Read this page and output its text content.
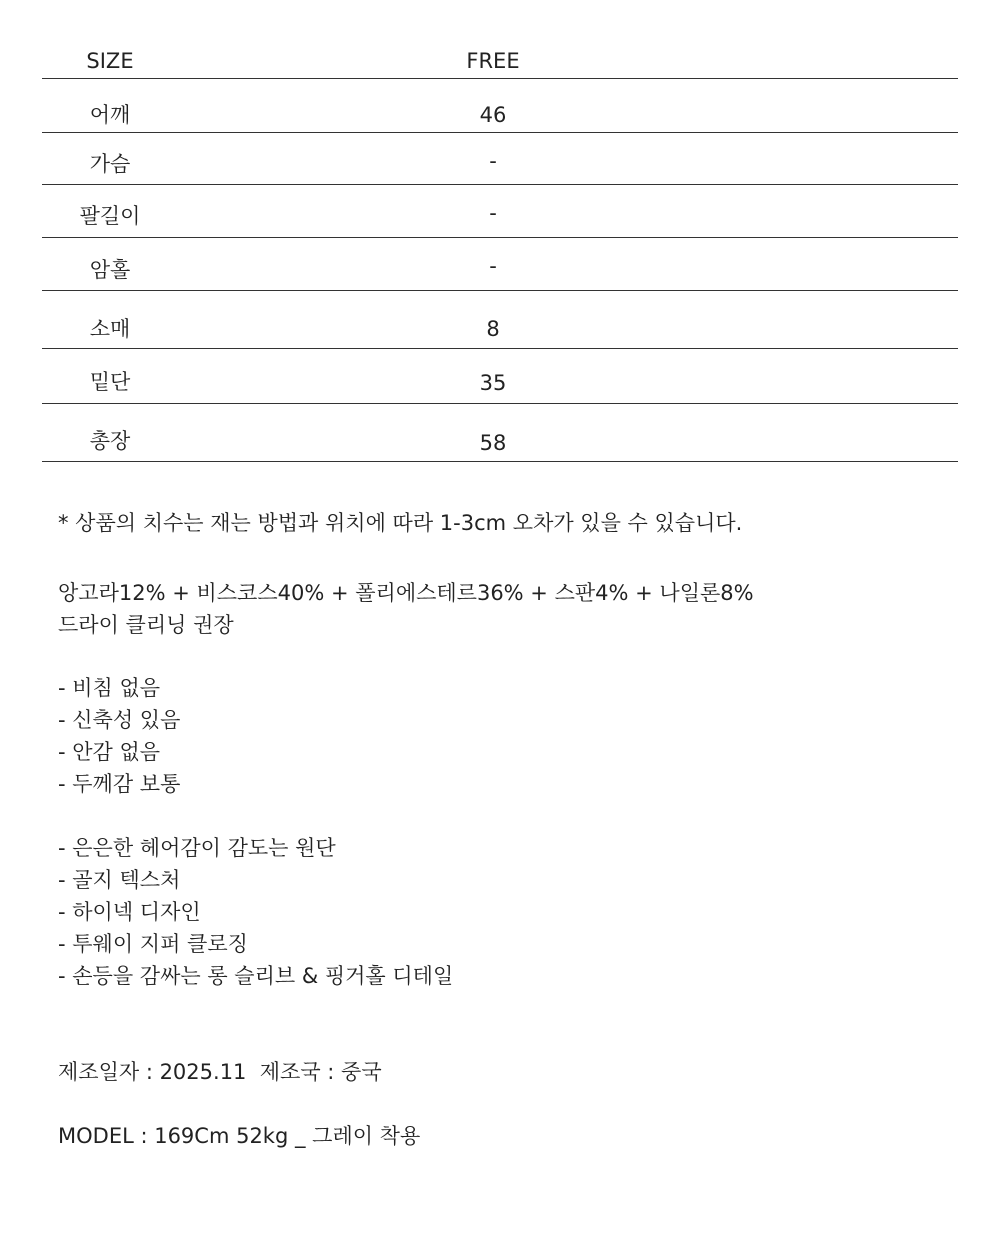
SIZE	FREE
어깨	46
가슴	-
팔길이	-
암홀	-
소매	8
밑단	35
총장	58
* 상품의 치수는 재는 방법과 위치에 따라 1-3cm 오차가 있을 수 있습니다.
앙고라12% + 비스코스40% + 폴리에스테르36% + 스판4% + 나일론8%
드라이 클리닝 권장
- 비침 없음
- 신축성 있음
- 안감 없음
- 두께감 보통
- 은은한 헤어감이 감도는 원단
- 골지 텍스처
- 하이넥 디자인
- 투웨이 지퍼 클로징
- 손등을 감싸는 롱 슬리브 & 핑거홀 디테일
제조일자 : 2025.11  제조국 : 중국
MODEL : 169Cm 52kg _ 그레이 착용
